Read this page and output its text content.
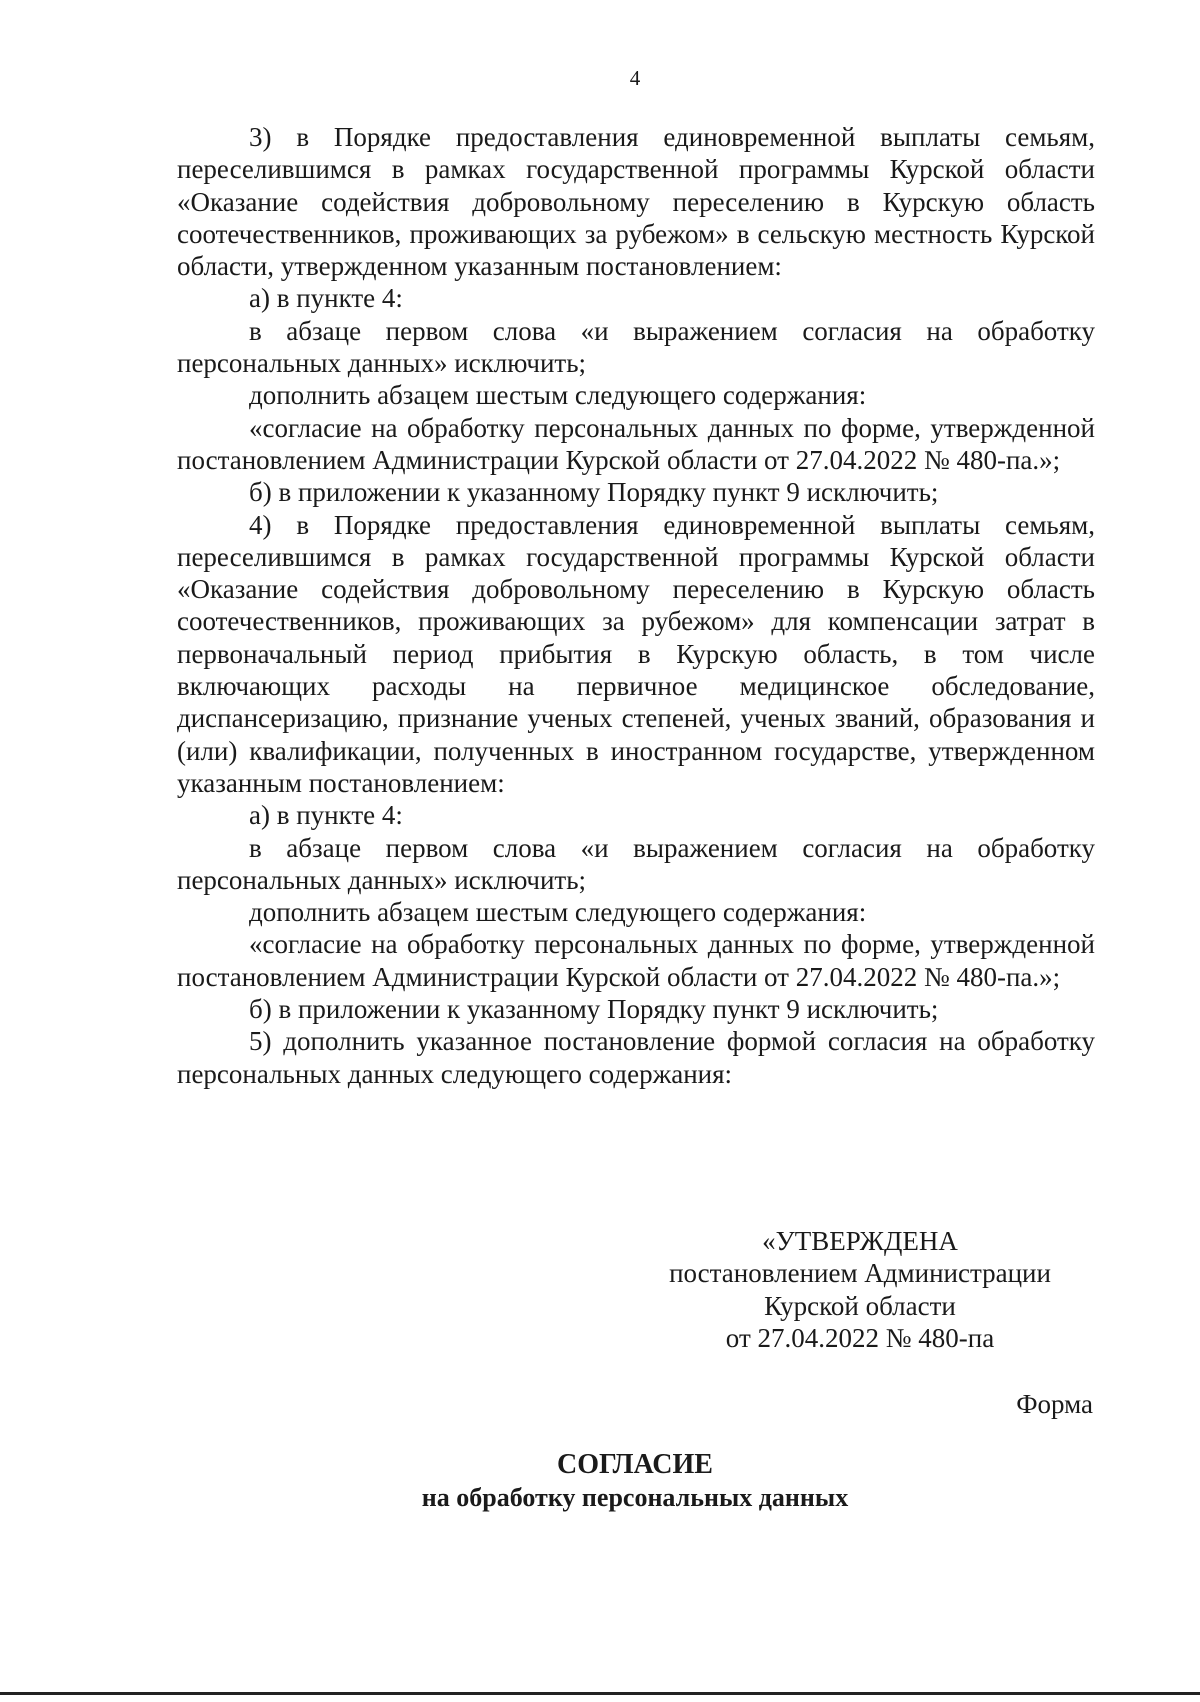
4

3) в Порядке предоставления единовременной выплаты семьям, переселившимся в рамках государственной программы Курской области «Оказание содействия добровольному переселению в Курскую область соотечественников, проживающих за рубежом» в сельскую местность Курской области, утвержденном указанным постановлением:

а) в пункте 4:

в абзаце первом слова «и выражением согласия на обработку персональных данных» исключить;

дополнить абзацем шестым следующего содержания:

«согласие на обработку персональных данных по форме, утвержденной постановлением Администрации Курской области от 27.04.2022 № 480-па.»;

б) в приложении к указанному Порядку пункт 9 исключить;

4) в Порядке предоставления единовременной выплаты семьям, переселившимся в рамках государственной программы Курской области «Оказание содействия добровольному переселению в Курскую область соотечественников, проживающих за рубежом» для компенсации затрат в первоначальный период прибытия в Курскую область, в том числе включающих расходы на первичное медицинское обследование, диспансеризацию, признание ученых степеней, ученых званий, образования и (или) квалификации, полученных в иностранном государстве, утвержденном указанным постановлением:

а) в пункте 4:

в абзаце первом слова «и выражением согласия на обработку персональных данных» исключить;

дополнить абзацем шестым следующего содержания:

«согласие на обработку персональных данных по форме, утвержденной постановлением Администрации Курской области от 27.04.2022 № 480-па.»;

б) в приложении к указанному Порядку пункт 9 исключить;

5) дополнить указанное постановление формой согласия на обработку персональных данных следующего содержания:

«УТВЕРЖДЕНА
постановлением Администрации
Курской области
от 27.04.2022 № 480-па
Форма
СОГЛАСИЕ
на обработку персональных данных
